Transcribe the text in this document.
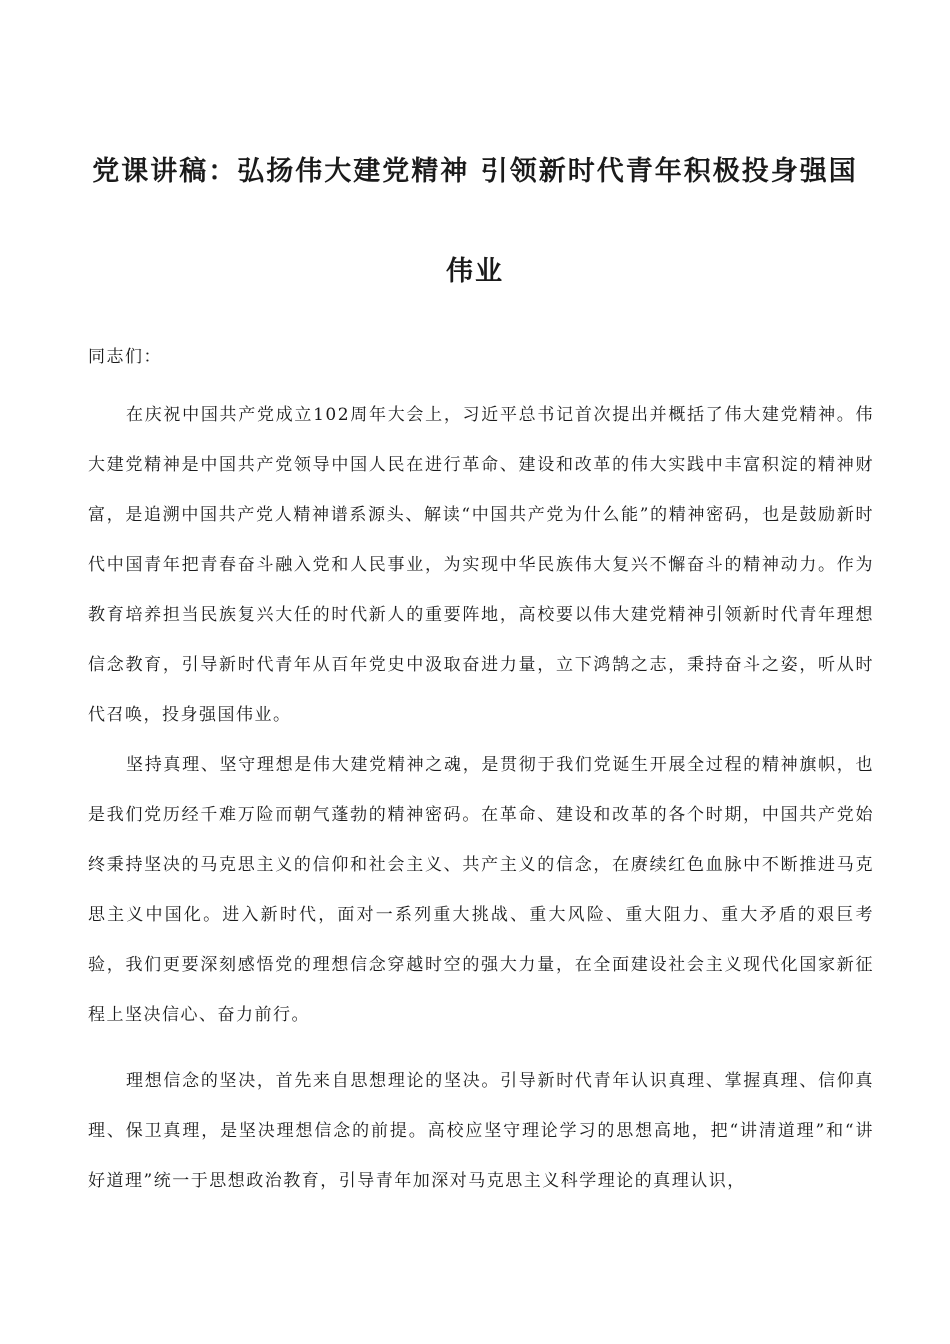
党课讲稿：弘扬伟大建党精神 引领新时代青年积极投身强国
伟业

同志们：

在庆祝中国共产党成立102周年大会上，习近平总书记首次提出并概括了伟大建党精神。伟大建党精神是中国共产党领导中国人民在进行革命、建设和改革的伟大实践中丰富积淀的精神财富，是追溯中国共产党人精神谱系源头、解读“中国共产党为什么能”的精神密码，也是鼓励新时代中国青年把青春奋斗融入党和人民事业，为实现中华民族伟大复兴不懈奋斗的精神动力。作为教育培养担当民族复兴大任的时代新人的重要阵地，高校要以伟大建党精神引领新时代青年理想信念教育，引导新时代青年从百年党史中汲取奋进力量，立下鸿鹄之志，秉持奋斗之姿，听从时代召唤，投身强国伟业。

坚持真理、坚守理想是伟大建党精神之魂，是贯彻于我们党诞生开展全过程的精神旗帜，也是我们党历经千难万险而朝气蓬勃的精神密码。在革命、建设和改革的各个时期，中国共产党始终秉持坚决的马克思主义的信仰和社会主义、共产主义的信念，在赓续红色血脉中不断推进马克思主义中国化。进入新时代，面对一系列重大挑战、重大风险、重大阻力、重大矛盾的艰巨考验，我们更要深刻感悟党的理想信念穿越时空的强大力量，在全面建设社会主义现代化国家新征程上坚决信心、奋力前行。

理想信念的坚决，首先来自思想理论的坚决。引导新时代青年认识真理、掌握真理、信仰真理、保卫真理，是坚决理想信念的前提。高校应坚守理论学习的思想高地，把“讲清道理”和“讲好道理”统一于思想政治教育，引导青年加深对马克思主义科学理论的真理认识，
